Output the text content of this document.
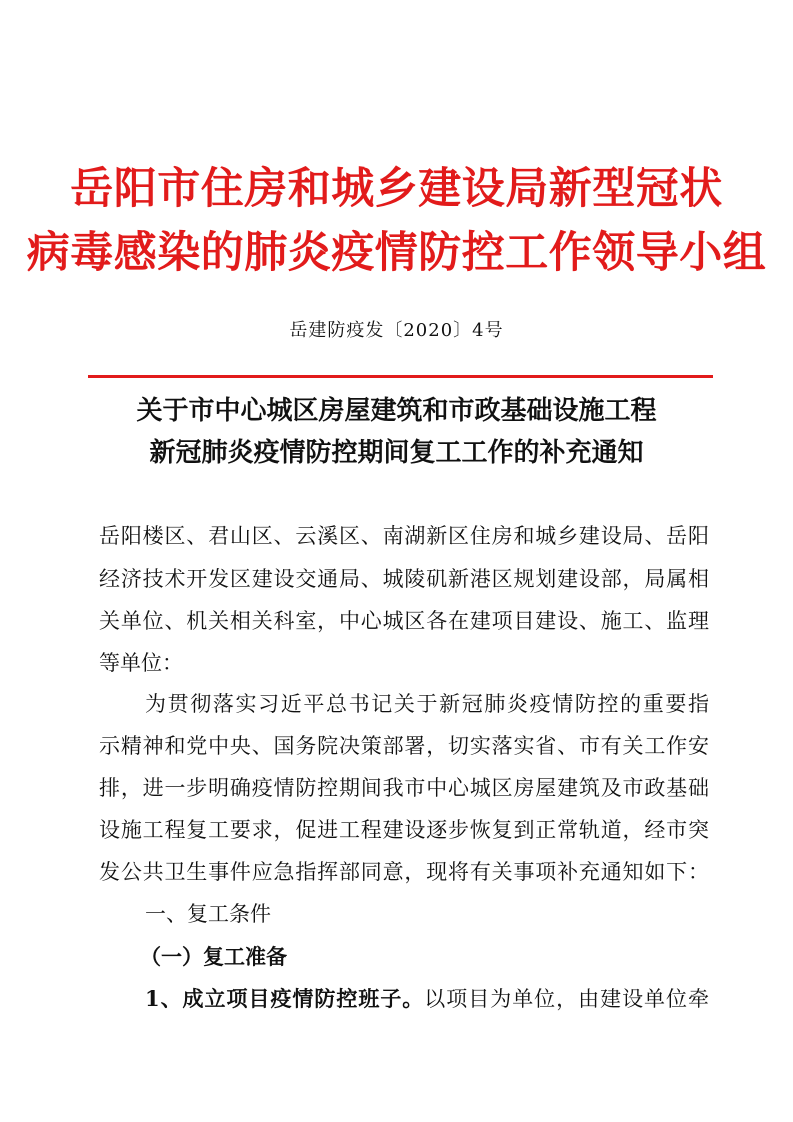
岳阳市住房和城乡建设局新型冠状
病毒感染的肺炎疫情防控工作领导小组
岳建防疫发〔2020〕4号
关于市中心城区房屋建筑和市政基础设施工程
新冠肺炎疫情防控期间复工工作的补充通知
岳阳楼区、君山区、云溪区、南湖新区住房和城乡建设局、岳阳
经济技术开发区建设交通局、城陵矶新港区规划建设部，局属相
关单位、机关相关科室，中心城区各在建项目建设、施工、监理
等单位：
为贯彻落实习近平总书记关于新冠肺炎疫情防控的重要指
示精神和党中央、国务院决策部署，切实落实省、市有关工作安
排，进一步明确疫情防控期间我市中心城区房屋建筑及市政基础
设施工程复工要求，促进工程建设逐步恢复到正常轨道，经市突
发公共卫生事件应急指挥部同意，现将有关事项补充通知如下：
一、复工条件
（一）复工准备
1、成立项目疫情防控班子。以项目为单位，由建设单位牵
